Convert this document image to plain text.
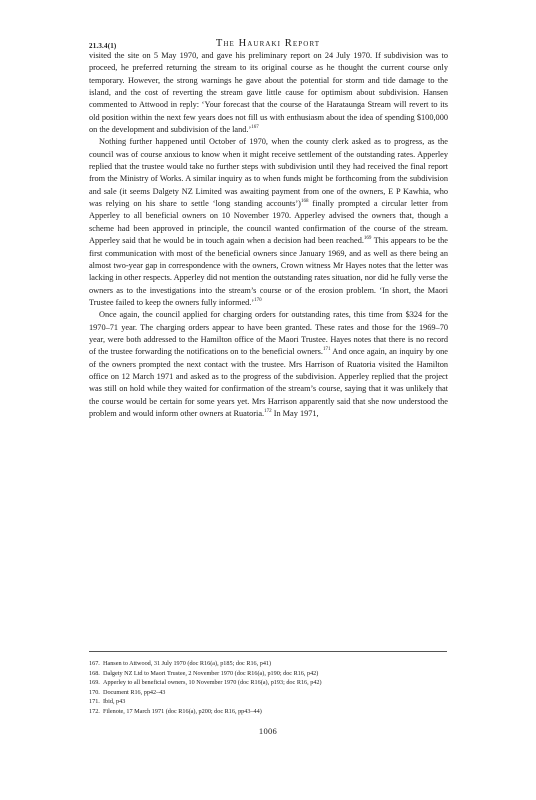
21.3.4(1)	The Hauraki Report

visited the site on 5 May 1970, and gave his preliminary report on 24 July 1970. If subdivision was to proceed, he preferred returning the stream to its original course as he thought the current course only temporary. However, the strong warnings he gave about the potential for storm and tide damage to the island, and the cost of reverting the stream gave little cause for optimism about subdivision. Hansen commented to Attwood in reply: ‘Your forecast that the course of the Harataunga Stream will revert to its old position within the next few years does not fill us with enthusiasm about the idea of spending $100,000 on the development and subdivision of the land.’$^{167}$

Nothing further happened until October of 1970, when the county clerk asked as to progress, as the council was of course anxious to know when it might receive settlement of the outstanding rates. Apperley replied that the trustee would take no further steps with subdivision until they had received the final report from the Ministry of Works. A similar inquiry as to when funds might be forthcoming from the subdivision and sale (it seems Dalgety NZ Limited was awaiting payment from one of the owners, E P Kawhia, who was relying on his share to settle ‘long standing accounts’)$^{168}$ finally prompted a circular letter from Apperley to all beneficial owners on 10 November 1970. Apperley advised the owners that, though a scheme had been approved in principle, the council wanted confirmation of the course of the stream. Apperley said that he would be in touch again when a decision had been reached.$^{169}$ This appears to be the first communication with most of the beneficial owners since January 1969, and as well as there being an almost two-year gap in correspondence with the owners, Crown witness Mr Hayes notes that the letter was lacking in other respects. Apperley did not mention the outstanding rates situation, nor did he fully verse the owners as to the investigations into the stream’s course or of the erosion problem. ‘In short, the Maori Trustee failed to keep the owners fully informed.’$^{170}$

Once again, the council applied for charging orders for outstanding rates, this time from $324 for the 1970–71 year. The charging orders appear to have been granted. These rates and those for the 1969–70 year, were both addressed to the Hamilton office of the Maori Trustee. Hayes notes that there is no record of the trustee forwarding the notifications on to the beneficial owners.$^{171}$ And once again, an inquiry by one of the owners prompted the next contact with the trustee. Mrs Harrison of Ruatoria visited the Hamilton office on 12 March 1971 and asked as to the progress of the subdivision. Apperley replied that the project was still on hold while they waited for confirmation of the stream’s course, saying that it was unlikely that the course would be certain for some years yet. Mrs Harrison apparently said that she now understood the problem and would inform other owners at Ruatoria.$^{172}$ In May 1971,

167. Hansen to Attwood, 31 July 1970 (doc R16(a), p185; doc R16, p41)
168. Dalgety NZ Ltd to Maori Trustee, 2 November 1970 (doc R16(a), p190; doc R16, p42)
169. Apperley to all beneficial owners, 10 November 1970 (doc R16(a), p193; doc R16, p42)
170. Document R16, pp42–43
171. Ibid, p43
172. Filenote, 17 March 1971 (doc R16(a), p200; doc R16, pp43–44)
1006
